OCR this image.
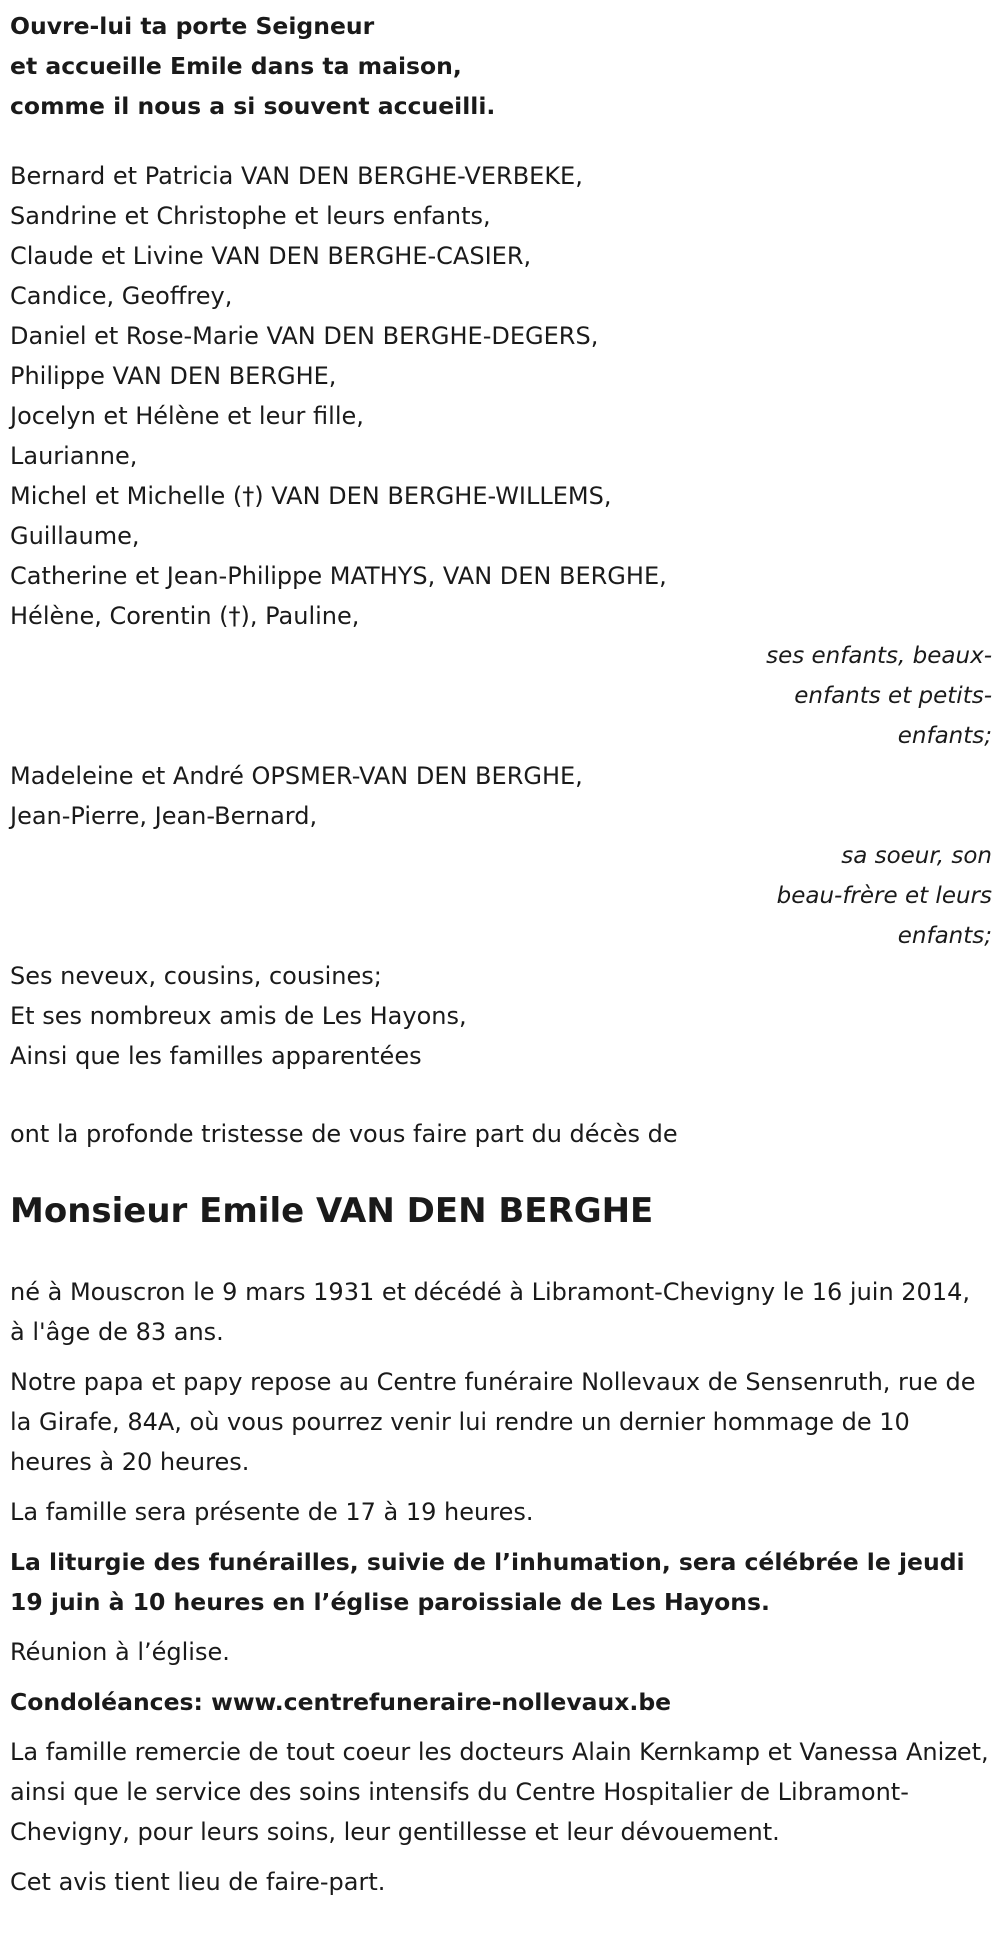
Ouvre-lui ta porte Seigneur
et accueille Emile dans ta maison,
comme il nous a si souvent accueilli.
Bernard et Patricia VAN DEN BERGHE-VERBEKE,
Sandrine et Christophe et leurs enfants,
Claude et Livine VAN DEN BERGHE-CASIER,
Candice, Geoffrey,
Daniel et Rose-Marie VAN DEN BERGHE-DEGERS,
Philippe VAN DEN BERGHE,
Jocelyn et Hélène et leur fille,
Laurianne,
Michel et Michelle (†) VAN DEN BERGHE-WILLEMS,
Guillaume,
Catherine et Jean-Philippe MATHYS, VAN DEN BERGHE,
Hélène, Corentin (†), Pauline,
ses enfants, beaux-
enfants et petits-
enfants;
Madeleine et André OPSMER-VAN DEN BERGHE,
Jean-Pierre, Jean-Bernard,
sa soeur, son
beau-frère et leurs
enfants;
Ses neveux, cousins, cousines;
Et ses nombreux amis de Les Hayons,
Ainsi que les familles apparentées
ont la profonde tristesse de vous faire part du décès de
Monsieur Emile VAN DEN BERGHE

né à Mouscron le 9 mars 1931 et décédé à Libramont-Chevigny le 16 juin 2014, à l'âge de 83 ans.

Notre papa et papy repose au Centre funéraire Nollevaux de Sensenruth, rue de la Girafe, 84A, où vous pourrez venir lui rendre un dernier hommage de 10 heures à 20 heures.

La famille sera présente de 17 à 19 heures.

La liturgie des funérailles, suivie de l’inhumation, sera célébrée le jeudi 19 juin à 10 heures en l’église paroissiale de Les Hayons.

Réunion à l’église.

Condoléances: www.centrefuneraire-nollevaux.be

La famille remercie de tout coeur les docteurs Alain Kernkamp et Vanessa Anizet, ainsi que le service des soins intensifs du Centre Hospitalier de Libramont-Chevigny, pour leurs soins, leur gentillesse et leur dévouement.

Cet avis tient lieu de faire-part.
